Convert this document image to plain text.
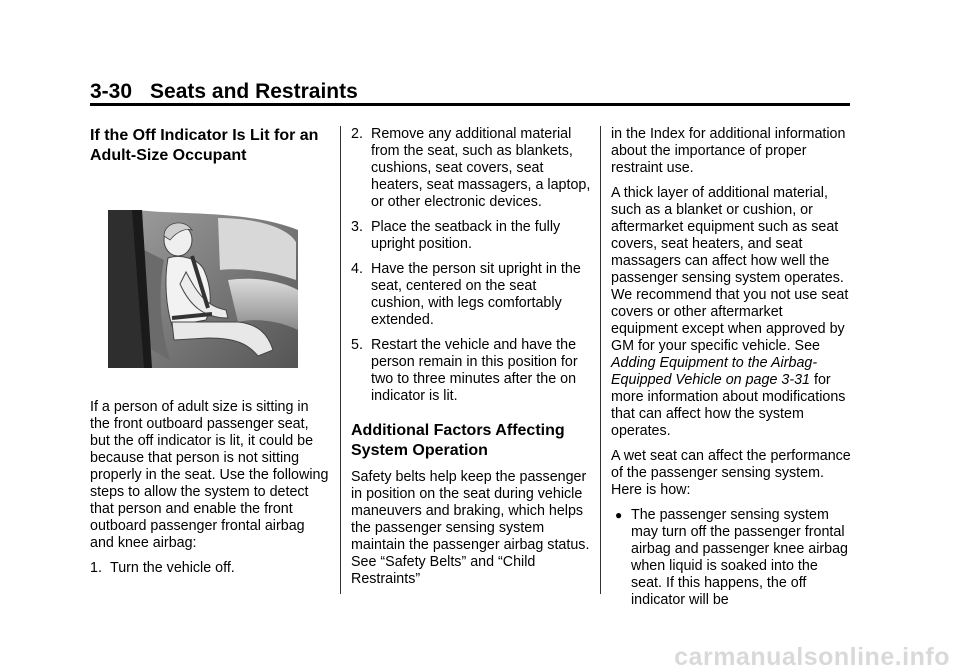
3-30 Seats and Restraints
If the Off Indicator Is Lit for an
Adult-Size Occupant

If a person of adult size is sitting in the front outboard passenger seat, but the off indicator is lit, it could be because that person is not sitting properly in the seat. Use the following steps to allow the system to detect that person and enable the front outboard passenger frontal airbag and knee airbag:

1. Turn the vehicle off.
2. Remove any additional material from the seat, such as blankets, cushions, seat covers, seat heaters, seat massagers, a laptop, or other electronic devices.
3. Place the seatback in the fully upright position.
4. Have the person sit upright in the seat, centered on the seat cushion, with legs comfortably extended.
5. Restart the vehicle and have the person remain in this position for two to three minutes after the on indicator is lit.
Additional Factors Affecting
System Operation

Safety belts help keep the passenger in position on the seat during vehicle maneuvers and braking, which helps the passenger sensing system maintain the passenger airbag status. See “Safety Belts” and “Child Restraints”

in the Index for additional information about the importance of proper restraint use.

A thick layer of additional material, such as a blanket or cushion, or aftermarket equipment such as seat covers, seat heaters, and seat massagers can affect how well the passenger sensing system operates. We recommend that you not use seat covers or other aftermarket equipment except when approved by GM for your specific vehicle. See Adding Equipment to the Airbag-Equipped Vehicle on page 3-31 for more information about modifications that can affect how the system operates.

A wet seat can affect the performance of the passenger sensing system. Here is how:

● The passenger sensing system may turn off the passenger frontal airbag and passenger knee airbag when liquid is soaked into the seat. If this happens, the off indicator will be
carmanualsonline.info
